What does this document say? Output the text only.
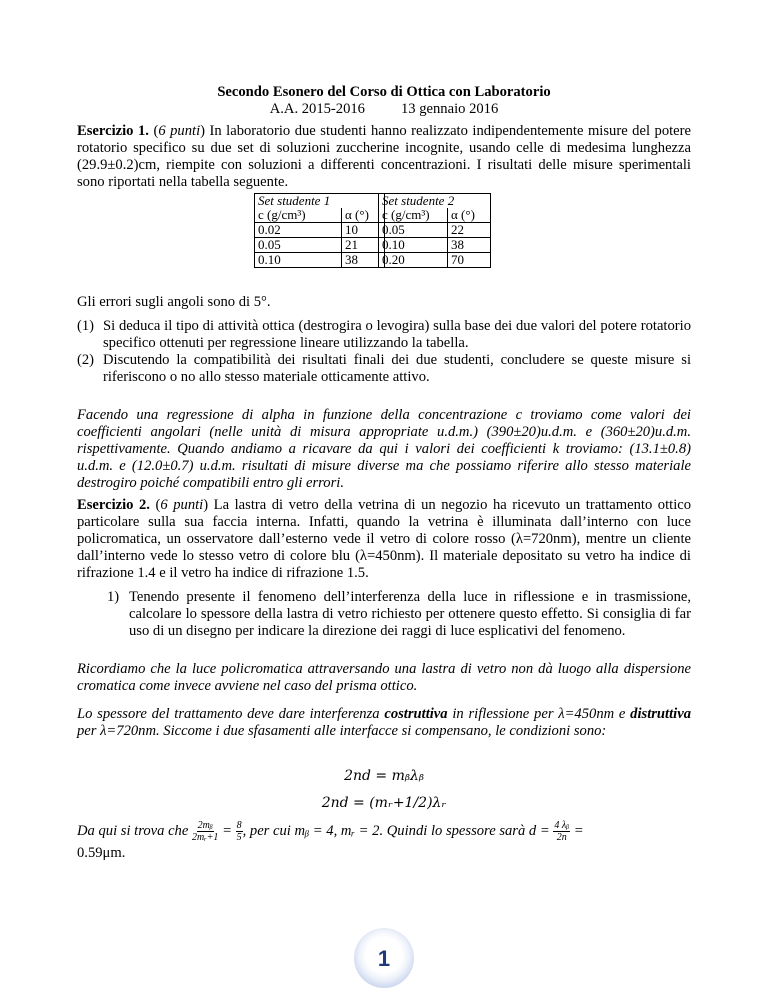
Secondo Esonero del Corso di Ottica con Laboratorio
A.A. 2015-2016 13 gennaio 2016
Esercizio 1. (6 punti) In laboratorio due studenti hanno realizzato indipendentemente misure del potere rotatorio specifico su due set di soluzioni zuccherine incognite, usando celle di medesima lunghezza (29.9±0.2)cm, riempite con soluzioni a differenti concentrazioni. I risultati delle misure sperimentali sono riportati nella tabella seguente.
Set studente 1	
c (g/cm³)	α (°)
0.02	10
0.05	21
0.10	38
Set studente 2	
c (g/cm³)	α (°)
0.05	22
0.10	38
0.20	70
Gli errori sugli angoli sono di 5°.
(1) Si deduca il tipo di attività ottica (destrogira o levogira) sulla base dei due valori del potere rotatorio specifico ottenuti per regressione lineare utilizzando la tabella.
(2) Discutendo la compatibilità dei risultati finali dei due studenti, concludere se queste misure si riferiscono o no allo stesso materiale otticamente attivo.
Facendo una regressione di alpha in funzione della concentrazione c troviamo come valori dei coefficienti angolari (nelle unità di misura appropriate u.d.m.) (390±20)u.d.m. e (360±20)u.d.m. rispettivamente. Quando andiamo a ricavare da qui i valori dei coefficienti k troviamo: (13.1±0.8) u.d.m. e (12.0±0.7) u.d.m. risultati di misure diverse ma che possiamo riferire allo stesso materiale destrogiro poiché compatibili entro gli errori.
Esercizio 2. (6 punti) La lastra di vetro della vetrina di un negozio ha ricevuto un trattamento ottico particolare sulla sua faccia interna. Infatti, quando la vetrina è illuminata dall’interno con luce policromatica, un osservatore dall’esterno vede il vetro di colore rosso (λ=720nm), mentre un cliente dall’interno vede lo stesso vetro di colore blu (λ=450nm). Il materiale depositato su vetro ha indice di rifrazione 1.4 e il vetro ha indice di rifrazione 1.5.
1) Tenendo presente il fenomeno dell’interferenza della luce in riflessione e in trasmissione, calcolare lo spessore della lastra di vetro richiesto per ottenere questo effetto. Si consiglia di far uso di un disegno per indicare la direzione dei raggi di luce esplicativi del fenomeno.
Ricordiamo che la luce policromatica attraversando una lastra di vetro non dà luogo alla dispersione cromatica come invece avviene nel caso del prisma ottico.
Lo spessore del trattamento deve dare interferenza costruttiva in riflessione per λ=450nm e distruttiva per λ=720nm. Siccome i due sfasamenti alle interfacce si compensano, le condizioni sono:
2nd = mᵦλᵦ
2nd = (mᵣ+1/2)λᵣ
Da qui si trova che $\frac{\text{2mᵦ}}{\text{2mᵣ+1}} = \frac{8}{5}$ , per cui mᵦ = 4, mᵣ = 2. Quindi lo spessore sarà $d = \frac{\text{4 λᵦ}}{2n}$ =
0.59μm.
1
